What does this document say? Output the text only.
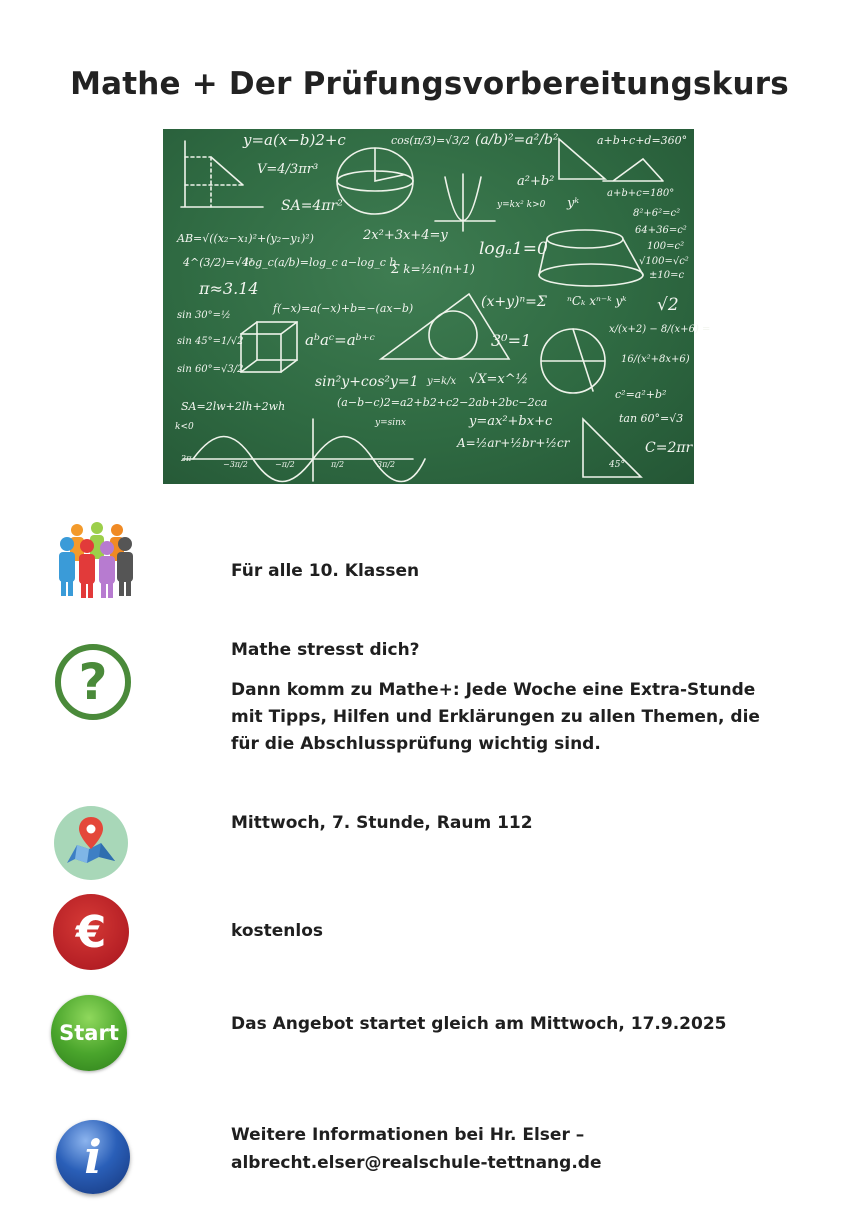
Mathe + Der Prüfungsvorbereitungskurs
y=a(x−b)2+c	cos(π/3)=√3/2 (a/b)²=a²/b²	a+b+c+d=360°
V=4/3πr³
SA=4πr²
a²+b²
y=kx² k>0 yᵏ
a+b+c=180°
8²+6²=c²
64+36=c²
100=c²
AB=√((x₂−x₁)²+(y₂−y₁)²)	2x²+3x+4=y
logₐ1=0
4^(3/2)=√4³
log_c(a/b)=log_c a−log_c b
Σ k=½n(n+1)
√100=√c²
±10=c
π≈3.14
f(−x)=a(−x)+b=−(ax−b)	(x+y)ⁿ=Σ ⁿCₖ xⁿ⁻ᵏ yᵏ √2
sin 30°=½
sin 45°=1/√2
sin 60°=√3/2
aᵇaᶜ=aᵇ⁺ᶜ	3⁰=1
x/(x+2) − 8/(x+6) =
16/(x²+8x+6)
sin²y+cos²y=1 y=k/x √X=x^½
SA=2lw+2lh+2wh	(a−b−c)2=a2+b2+c2−2ab+2bc−2ca
c²=a²+b²
tan 60°=√3
k<0	y=sinx	y=ax²+bx+c
A=½ar+½br+½cr	C=2πr
2π
−3π/2	−π/2	π/2	3π/2	45°
Für alle 10. Klassen
?
Mathe stresst dich?
Dann komm zu Mathe+: Jede Woche eine Extra-Stunde mit Tipps, Hilfen und Erklärungen zu allen Themen, die für die Abschlussprüfung wichtig sind.
Mittwoch, 7. Stunde, Raum 112
€	kostenlos
Start	Das Angebot startet gleich am Mittwoch, 17.9.2025
i	Weitere Informationen bei Hr. Elser –
albrecht.elser@realschule-tettnang.de
